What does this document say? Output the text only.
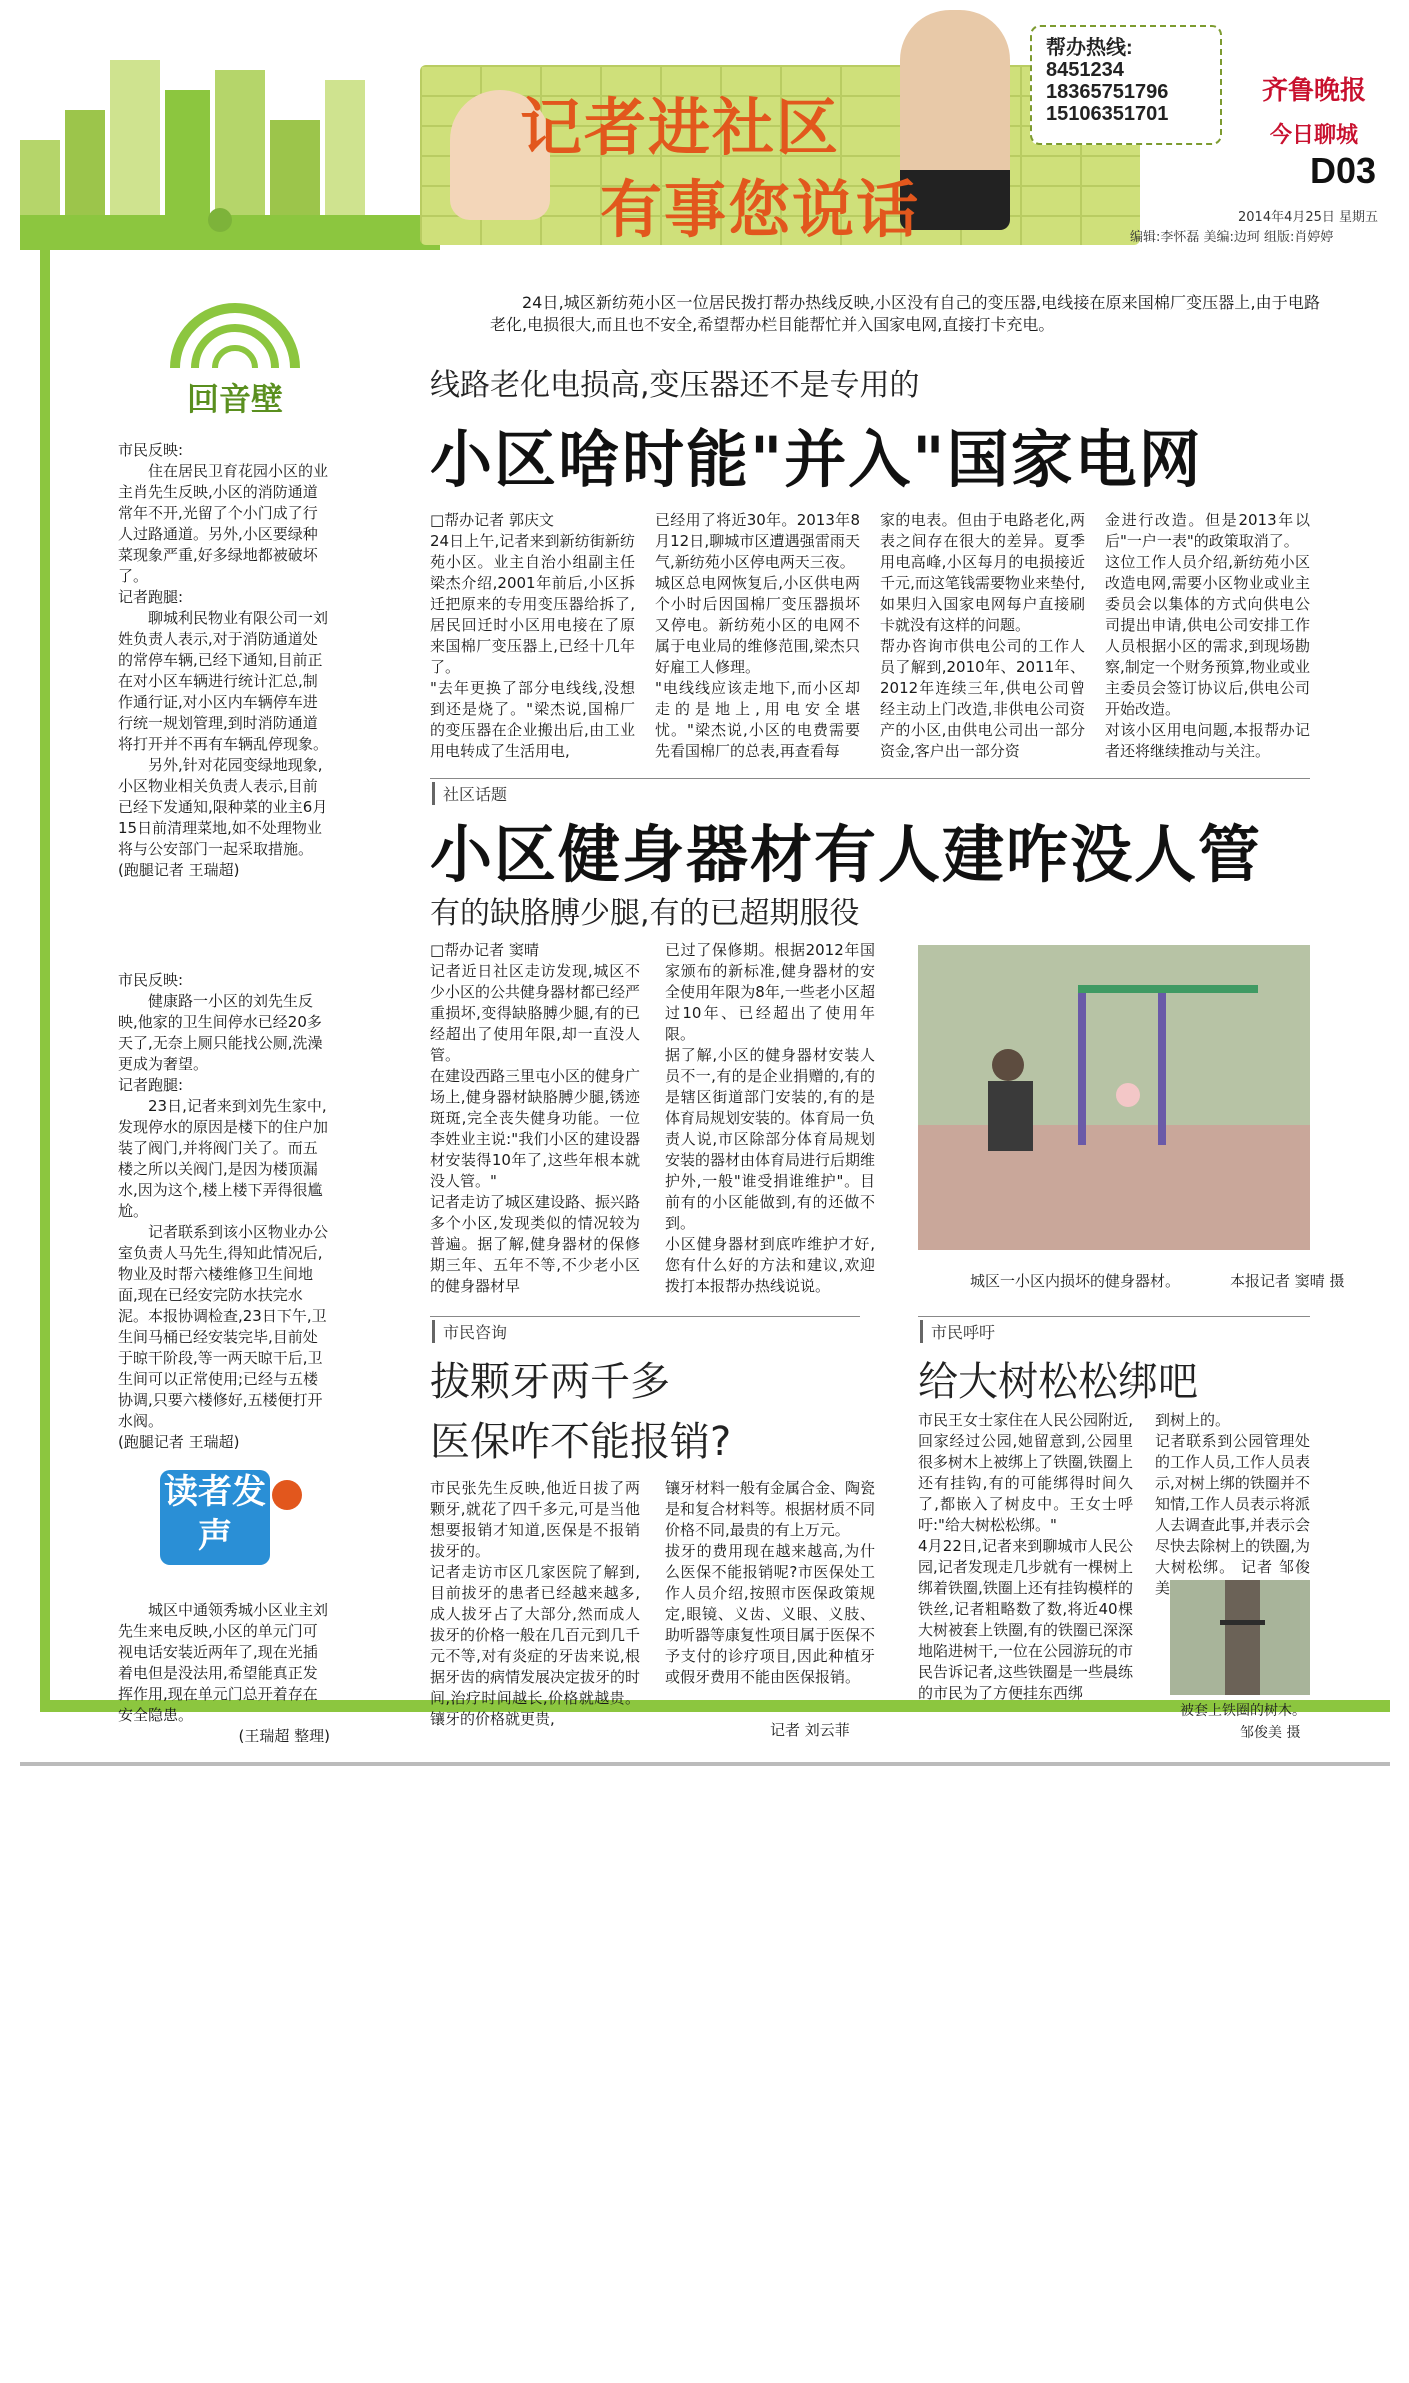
记者进社区
有事您说话
帮办热线:
8451234
18365751796
15106351701
齐鲁晚报
今日聊城
D03
2014年4月25日 星期五
编辑:李怀磊 美编:边珂 组版:肖婷婷
回音壁
市民反映:
住在居民卫育花园小区的业主肖先生反映,小区的消防通道常年不开,光留了个小门成了行人过路通道。另外,小区要绿种菜现象严重,好多绿地都被破坏了。
记者跑腿:
聊城利民物业有限公司一刘姓负责人表示,对于消防通道处的常停车辆,已经下通知,目前正在对小区车辆进行统计汇总,制作通行证,对小区内车辆停车进行统一规划管理,到时消防通道将打开并不再有车辆乱停现象。
另外,针对花园变绿地现象,小区物业相关负责人表示,目前已经下发通知,限种菜的业主6月15日前清理菜地,如不处理物业将与公安部门一起采取措施。
(跑腿记者 王瑞超)
市民反映:
健康路一小区的刘先生反映,他家的卫生间停水已经20多天了,无奈上厕只能找公厕,洗澡更成为奢望。
记者跑腿:
23日,记者来到刘先生家中,发现停水的原因是楼下的住户加装了阀门,并将阀门关了。而五楼之所以关阀门,是因为楼顶漏水,因为这个,楼上楼下弄得很尴尬。
记者联系到该小区物业办公室负责人马先生,得知此情况后,物业及时帮六楼维修卫生间地面,现在已经安完防水扶完水泥。本报协调检查,23日下午,卫生间马桶已经安装完毕,目前处于晾干阶段,等一两天晾干后,卫生间可以正常使用;已经与五楼协调,只要六楼修好,五楼便打开水阀。
(跑腿记者 王瑞超)
读者发声
城区中通领秀城小区业主刘先生来电反映,小区的单元门可视电话安装近两年了,现在光插着电但是没法用,希望能真正发挥作用,现在单元门总开着存在安全隐患。
(王瑞超 整理)
24日,城区新纺苑小区一位居民拨打帮办热线反映,小区没有自己的变压器,电线接在原来国棉厂变压器上,由于电路老化,电损很大,而且也不安全,希望帮办栏目能帮忙并入国家电网,直接打卡充电。
线路老化电损高,变压器还不是专用的
小区啥时能"并入"国家电网
□帮办记者 郭庆文
24日上午,记者来到新纺街新纺苑小区。业主自治小组副主任梁杰介绍,2001年前后,小区拆迁把原来的专用变压器给拆了,居民回迁时小区用电接在了原来国棉厂变压器上,已经十几年了。
"去年更换了部分电线线,没想到还是烧了。"梁杰说,国棉厂的变压器在企业搬出后,由工业用电转成了生活用电,
已经用了将近30年。2013年8月12日,聊城市区遭遇强雷雨天气,新纺苑小区停电两天三夜。
城区总电网恢复后,小区供电两个小时后因国棉厂变压器损坏又停电。新纺苑小区的电网不属于电业局的维修范围,梁杰只好雇工人修理。
"电线线应该走地下,而小区却走的是地上,用电安全堪忧。"梁杰说,小区的电费需要先看国棉厂的总表,再查看每
家的电表。但由于电路老化,两表之间存在很大的差异。夏季用电高峰,小区每月的电损接近千元,而这笔钱需要物业来垫付,如果归入国家电网每户直接刷卡就没有这样的问题。
帮办咨询市供电公司的工作人员了解到,2010年、2011年、2012年连续三年,供电公司曾经主动上门改造,非供电公司资产的小区,由供电公司出一部分资金,客户出一部分资
金进行改造。但是2013年以后"一户一表"的政策取消了。
这位工作人员介绍,新纺苑小区改造电网,需要小区物业或业主委员会以集体的方式向供电公司提出申请,供电公司安排工作人员根据小区的需求,到现场勘察,制定一个财务预算,物业或业主委员会签订协议后,供电公司开始改造。
对该小区用电问题,本报帮办记者还将继续推动与关注。
社区话题
小区健身器材有人建咋没人管
有的缺胳膊少腿,有的已超期服役
□帮办记者 窦晴
记者近日社区走访发现,城区不少小区的公共健身器材都已经严重损坏,变得缺胳膊少腿,有的已经超出了使用年限,却一直没人管。
在建设西路三里屯小区的健身广场上,健身器材缺胳膊少腿,锈迹斑斑,完全丧失健身功能。一位李姓业主说:"我们小区的建设器材安装得10年了,这些年根本就没人管。"
记者走访了城区建设路、振兴路多个小区,发现类似的情况较为普遍。据了解,健身器材的保修期三年、五年不等,不少老小区的健身器材早
已过了保修期。根据2012年国家颁布的新标准,健身器材的安全使用年限为8年,一些老小区超过10年、已经超出了使用年限。
据了解,小区的健身器材安装人员不一,有的是企业捐赠的,有的是辖区街道部门安装的,有的是体育局规划安装的。体育局一负责人说,市区除部分体育局规划安装的器材由体育局进行后期维护外,一般"谁受捐谁维护"。目前有的小区能做到,有的还做不到。
小区健身器材到底咋维护才好,您有什么好的方法和建议,欢迎拨打本报帮办热线说说。	城区一小区内损坏的健身器材。	本报记者 窦晴 摄
市民咨询
拔颗牙两千多
医保咋不能报销?
市民张先生反映,他近日拔了两颗牙,就花了四千多元,可是当他想要报销才知道,医保是不报销拔牙的。
记者走访市区几家医院了解到,目前拔牙的患者已经越来越多,成人拔牙占了大部分,然而成人拔牙的价格一般在几百元到几千元不等,对有炎症的牙齿来说,根据牙齿的病情发展决定拔牙的时间,治疗时间越长,价格就越贵。镶牙的价格就更贵,
镶牙材料一般有金属合金、陶瓷是和复合材料等。根据材质不同价格不同,最贵的有上万元。
拔牙的费用现在越来越高,为什么医保不能报销呢?市医保处工作人员介绍,按照市医保政策规定,眼镜、义齿、义眼、义肢、助听器等康复性项目属于医保不予支付的诊疗项目,因此种植牙或假牙费用不能由医保报销。
记者 刘云菲
市民呼吁
给大树松松绑吧
市民王女士家住在人民公园附近,回家经过公园,她留意到,公园里很多树木上被绑上了铁圈,铁圈上还有挂钩,有的可能绑得时间久了,都嵌入了树皮中。王女士呼吁:"给大树松松绑。"
4月22日,记者来到聊城市人民公园,记者发现走几步就有一棵树上绑着铁圈,铁圈上还有挂钩模样的铁丝,记者粗略数了数,将近40棵大树被套上铁圈,有的铁圈已深深地陷进树干,一位在公园游玩的市民告诉记者,这些铁圈是一些晨练的市民为了方便挂东西绑
到树上的。
记者联系到公园管理处的工作人员,工作人员表示,对树上绑的铁圈并不知情,工作人员表示将派人去调查此事,并表示会尽快去除树上的铁圈,为大树松绑。 记者 邹俊美
被套上铁圈的树木。
邹俊美 摄
